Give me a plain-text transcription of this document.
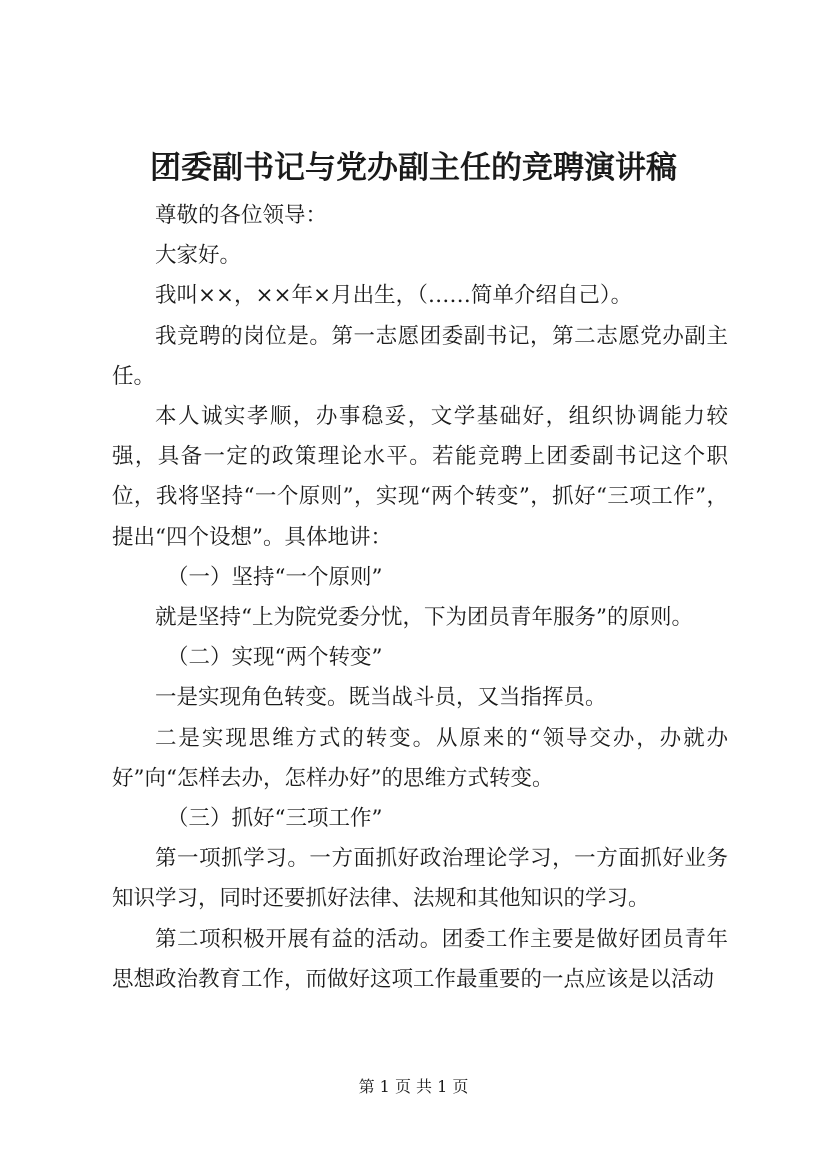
团委副书记与党办副主任的竞聘演讲稿

尊敬的各位领导：

大家好。

我叫××，××年×月出生，（……简单介绍自己）。

我竞聘的岗位是。第一志愿团委副书记，第二志愿党办副主任。

本人诚实孝顺，办事稳妥，文学基础好，组织协调能力较强，具备一定的政策理论水平。若能竞聘上团委副书记这个职位，我将坚持“一个原则”，实现“两个转变”，抓好“三项工作”，提出“四个设想”。具体地讲：

（一）坚持“一个原则”

就是坚持“上为院党委分忧，下为团员青年服务”的原则。

（二）实现“两个转变”

一是实现角色转变。既当战斗员，又当指挥员。

二是实现思维方式的转变。从原来的“领导交办，办就办好”向“怎样去办，怎样办好”的思维方式转变。

（三）抓好“三项工作”

第一项抓学习。一方面抓好政治理论学习，一方面抓好业务知识学习，同时还要抓好法律、法规和其他知识的学习。

第二项积极开展有益的活动。团委工作主要是做好团员青年思想政治教育工作，而做好这项工作最重要的一点应该是以活动

第 1 页 共 1 页
